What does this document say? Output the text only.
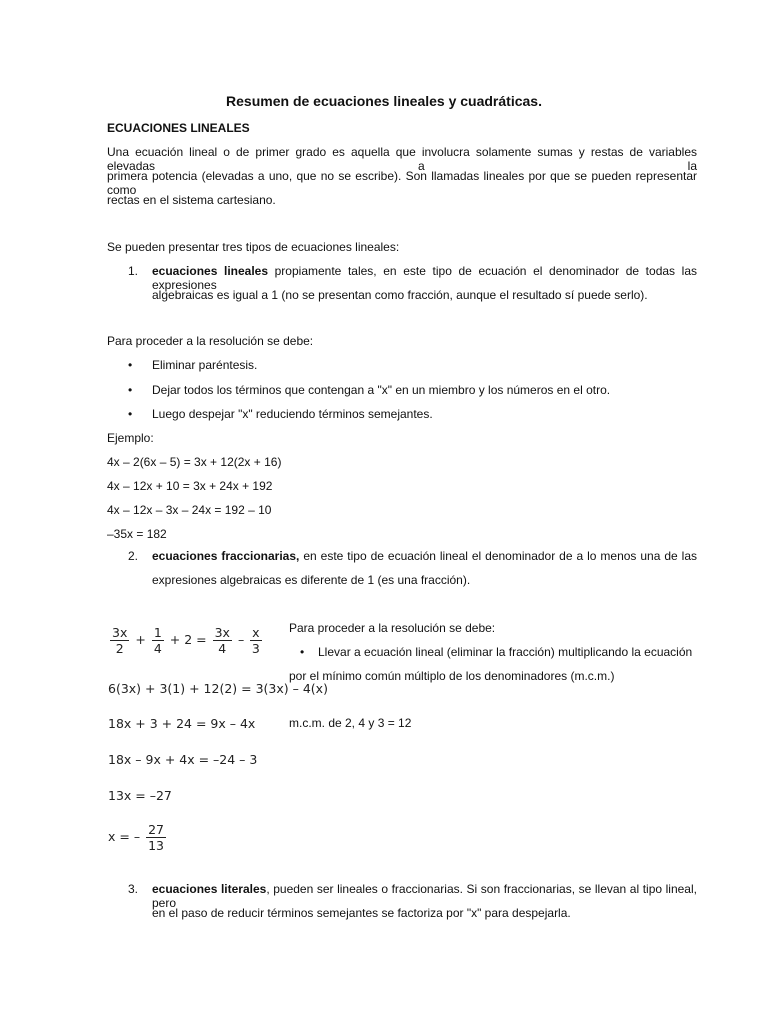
Resumen de ecuaciones lineales y cuadráticas.
ECUACIONES LINEALES
Una ecuación lineal o de primer grado es aquella que involucra solamente sumas y restas de variables elevadas a la
primera potencia (elevadas a uno, que no se escribe). Son llamadas lineales por que se pueden representar como
rectas en el sistema cartesiano.
Se pueden presentar tres tipos de ecuaciones lineales:
1. ecuaciones lineales propiamente tales, en este tipo de ecuación el denominador de todas las expresiones
algebraicas es igual a 1 (no se presentan como fracción, aunque el resultado sí puede serlo).
Para proceder a la resolución se debe:
• Eliminar paréntesis.
• Dejar todos los términos que contengan a "x" en un miembro y los números en el otro.
• Luego despejar "x" reduciendo términos semejantes.
Ejemplo:
4x – 2(6x – 5) = 3x + 12(2x + 16)
4x – 12x + 10 = 3x + 24x + 192
4x – 12x – 3x – 24x = 192 – 10
–35x = 182
2. ecuaciones fraccionarias, en este tipo de ecuación lineal el denominador de a lo menos una de las
expresiones algebraicas es diferente de 1 (es una fracción).
$\frac{3x}{2} + \frac{1}{4} + 2 = \frac{3x}{4} - \frac{x}{3}$
6(3x) + 3(1) + 12(2) = 3(3x) – 4(x)
18x + 3 + 24 = 9x – 4x
18x – 9x + 4x = –24 – 3
13x = –27
x = – $\frac{27}{13}$
Para proceder a la resolución se debe:
• Llevar a ecuación lineal (eliminar la fracción) multiplicando la ecuación
por el mínimo común múltiplo de los denominadores (m.c.m.)
m.c.m. de 2, 4 y 3 = 12
3. ecuaciones literales, pueden ser lineales o fraccionarias. Si son fraccionarias, se llevan al tipo lineal, pero
en el paso de reducir términos semejantes se factoriza por "x" para despejarla.
